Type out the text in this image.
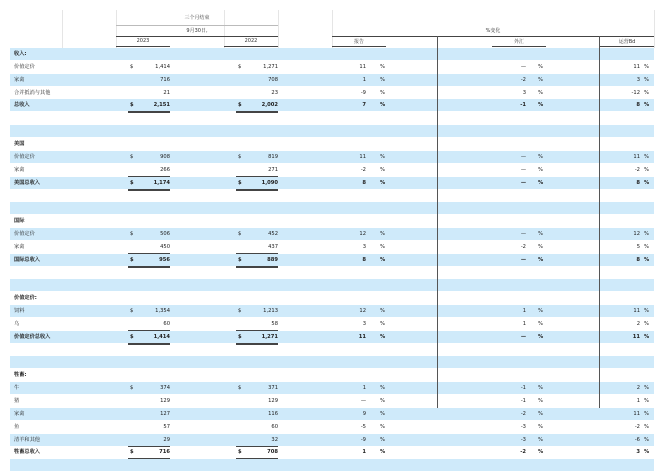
三个月结束
9月30日,	%变化
2023	2022	报告	外汇	运营Bd
收入:
价值定价	$	1,414	$	1,271	11	%	— %	11 %
家禽	716	708	1	%	-2 %	3 %
合并抵消与其他	21	23	-9	%	3 %	-12 %
总收入	$	2,151	$	2,002	7	%	-1 %	8 %
美国
价值定价	$	908	$	819	11	%	— %	11 %
家禽	266	271	-2	%	— %	-2 %
美国总收入	$	1,174	$	1,090	8	%	— %	8 %
国际
价值定价	$	506	$	452	12	%	— %	12 %
家禽	450	437	3	%	-2 %	5 %
国际总收入	$	956	$	889	8	%	— %	8 %
价值定价:
饲料	$	1,354	$	1,213	12	%	1 %	11 %
乌	60	58	3	%	1 %	2 %
价值定价总收入	$	1,414	$	1,271	11	%	— %	11 %
牲畜:
牛	$	374	$	371	1	%	-1 %	2 %
猪	129	129	—	%	-1 %	1 %
家禽	127	116	9	%	-2 %	11 %
鱼	57	60	-5	%	-3 %	-2 %
清羊和其他	29	32	-9	%	-3 %	-6 %
牲畜总收入	$	716	$	708	1	%	-2 %	3 %
